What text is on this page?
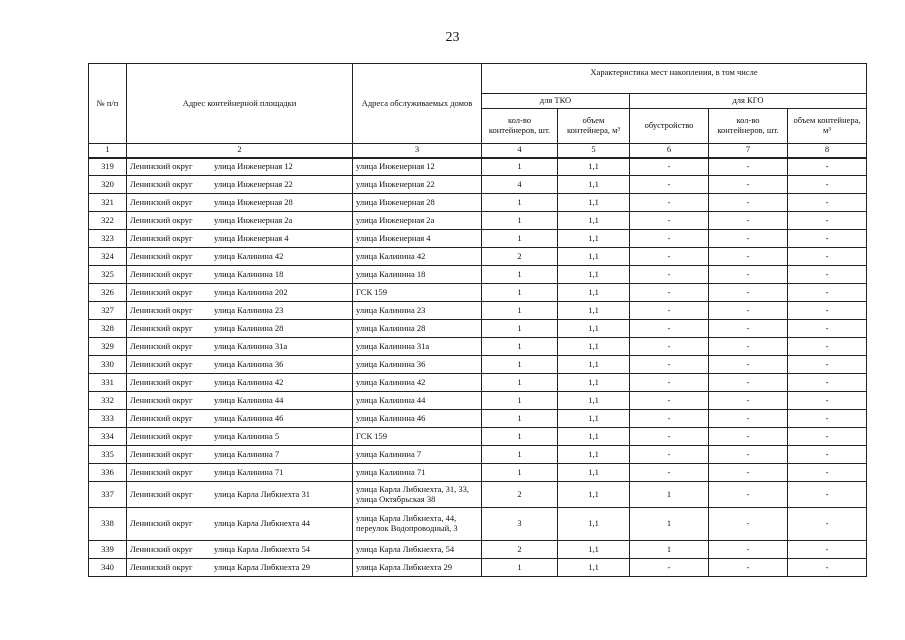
23
№ п/п	Адрес контейнерной площадки	Адреса обслуживаемых домов	Характеристика мест накопления, в том числе				
			для ТКО		для КГО		
			кол-во контейнеров, шт.	объем контейнера, м³	обустройство	кол-во контейнеров, шт.	объем контейнера, м³
1	2	3	4	5	6	7	8
319	Ленинский округ улица Инженерная 12	улица Инженерная 12	1	1,1	-	-	-
320	Ленинский округ улица Инженерная 22	улица Инженерная 22	4	1,1	-	-	-
321	Ленинский округ улица Инженерная 28	улица Инженерная 28	1	1,1	-	-	-
322	Ленинский округ улица Инженерная 2а	улица Инженерная 2а	1	1,1	-	-	-
323	Ленинский округ улица Инженерная 4	улица Инженерная 4	1	1,1	-	-	-
324	Ленинский округ улица Калинина 42	улица Калинина 42	2	1,1	-	-	-
325	Ленинский округ улица Калинина 18	улица Калинина 18	1	1,1	-	-	-
326	Ленинский округ улица Калинина 202	ГСК 159	1	1,1	-	-	-
327	Ленинский округ улица Калинина 23	улица Калинина 23	1	1,1	-	-	-
328	Ленинский округ улица Калинина 28	улица Калинина 28	1	1,1	-	-	-
329	Ленинский округ улица Калинина 31а	улица Калинина 31а	1	1,1	-	-	-
330	Ленинский округ улица Калинина 36	улица Калинина 36	1	1,1	-	-	-
331	Ленинский округ улица Калинина 42	улица Калинина 42	1	1,1	-	-	-
332	Ленинский округ улица Калинина 44	улица Калинина 44	1	1,1	-	-	-
333	Ленинский округ улица Калинина 46	улица Калинина 46	1	1,1	-	-	-
334	Ленинский округ улица Калинина 5	ГСК 159	1	1,1	-	-	-
335	Ленинский округ улица Калинина 7	улица Калинина 7	1	1,1	-	-	-
336	Ленинский округ улица Калинина 71	улица Калинина 71	1	1,1	-	-	-
337	Ленинский округ улица Карла Либкнехта 31	улица Карла Либкнехта, 31, 33, улица Октябрьская 38	2	1,1	1	-	-
338	Ленинский округ улица Карла Либкнехта 44	улица Карла Либкнехта, 44, переулок Водопроводный, 3	3	1,1	1	-	-
339	Ленинский округ улица Карла Либкнехта 54	улица Карла Либкнехта, 54	2	1,1	1	-	-
340	Ленинский округ улица Карла Либкнехта 29	улица Карла Либкнехта 29	1	1,1	-	-	-
